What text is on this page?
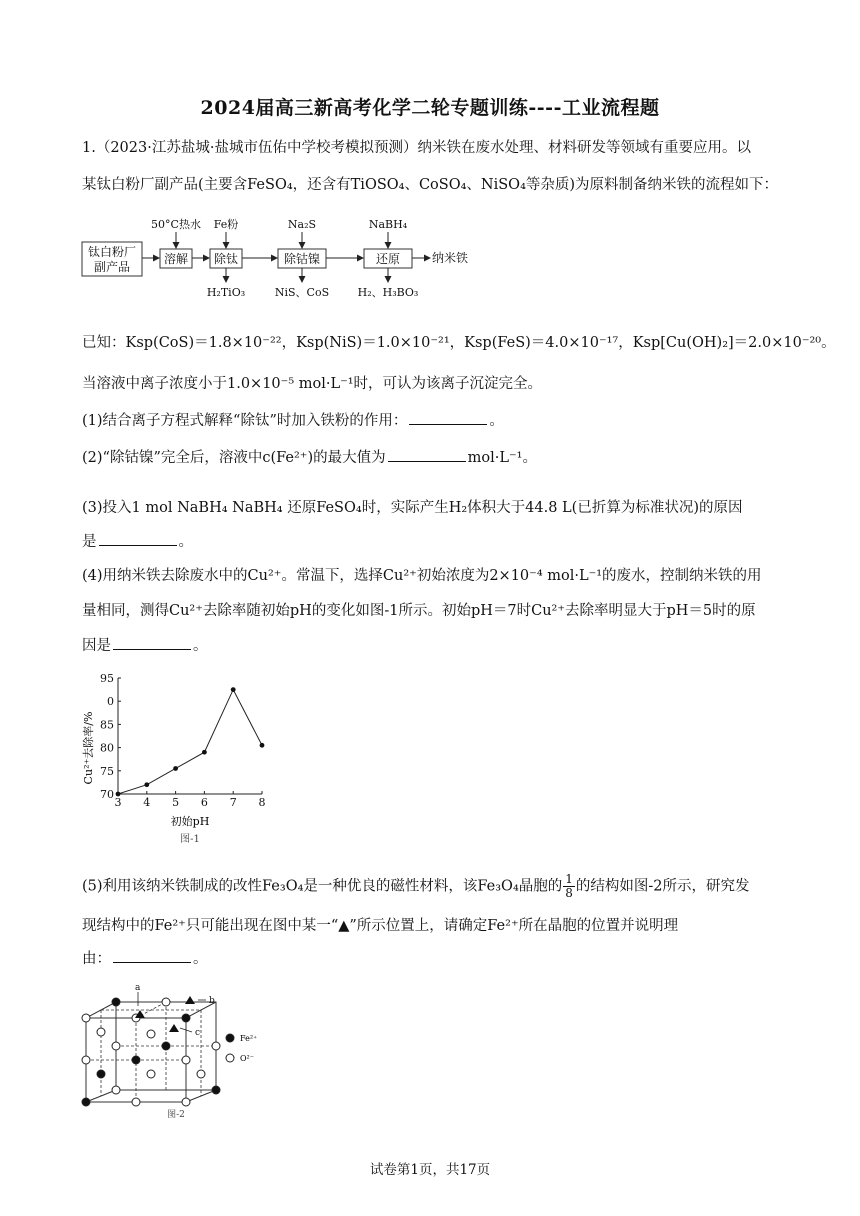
2024届高三新高考化学二轮专题训练----工业流程题
1.（2023·江苏盐城·盐城市伍佑中学校考模拟预测）纳米铁在废水处理、材料研发等领域有重要应用。以
某钛白粉厂副产品(主要含FeSO₄，还含有TiOSO₄、CoSO₄、NiSO₄等杂质)为原料制备纳米铁的流程如下：
钛白粉厂
副产品
溶解 除钛	除钴镍	还原	纳米铁
50°C热水 Fe粉	Na₂S	NaBH₄
H₂TiO₃	NiS、CoS	H₂、H₃BO₃
已知：Ksp(CoS)＝1.8×10⁻²²，Ksp(NiS)＝1.0×10⁻²¹，Ksp(FeS)＝4.0×10⁻¹⁷，Ksp[Cu(OH)₂]＝2.0×10⁻²⁰。
当溶液中离子浓度小于1.0×10⁻⁵ mol·L⁻¹时，可认为该离子沉淀完全。
(1)结合离子方程式解释“除钛”时加入铁粉的作用：	。
(2)“除钴镍”完全后，溶液中c(Fe²⁺)的最大值为	mol·L⁻¹。
(3)投入1 mol NaBH₄ NaBH₄ 还原FeSO₄时，实际产生H₂体积大于44.8 L(已折算为标准状况)的原因
是	。
(4)用纳米铁去除废水中的Cu²⁺。常温下，选择Cu²⁺初始浓度为2×10⁻⁴ mol·L⁻¹的废水，控制纳米铁的用
量相同，测得Cu²⁺去除率随初始pH的变化如图-1所示。初始pH＝7时Cu²⁺去除率明显大于pH＝5时的原
因是	。
3 4 5 6 7 8
70
75
80
85
0
95
Cu²⁺去除率/%
初始pH
图-1
(5)利用该纳米铁制成的改性Fe₃O₄是一种优良的磁性材料，该Fe₃O₄晶胞的 $\frac{1}{8}$ 的结构如图-2所示，研究发
现结构中的Fe²⁺只可能出现在图中某一“▲”所示位置上，请确定Fe²⁺所在晶胞的位置并说明理
由：	。
a
b
c
Fe²⁺
O²⁻
图-2
试卷第1页，共17页
